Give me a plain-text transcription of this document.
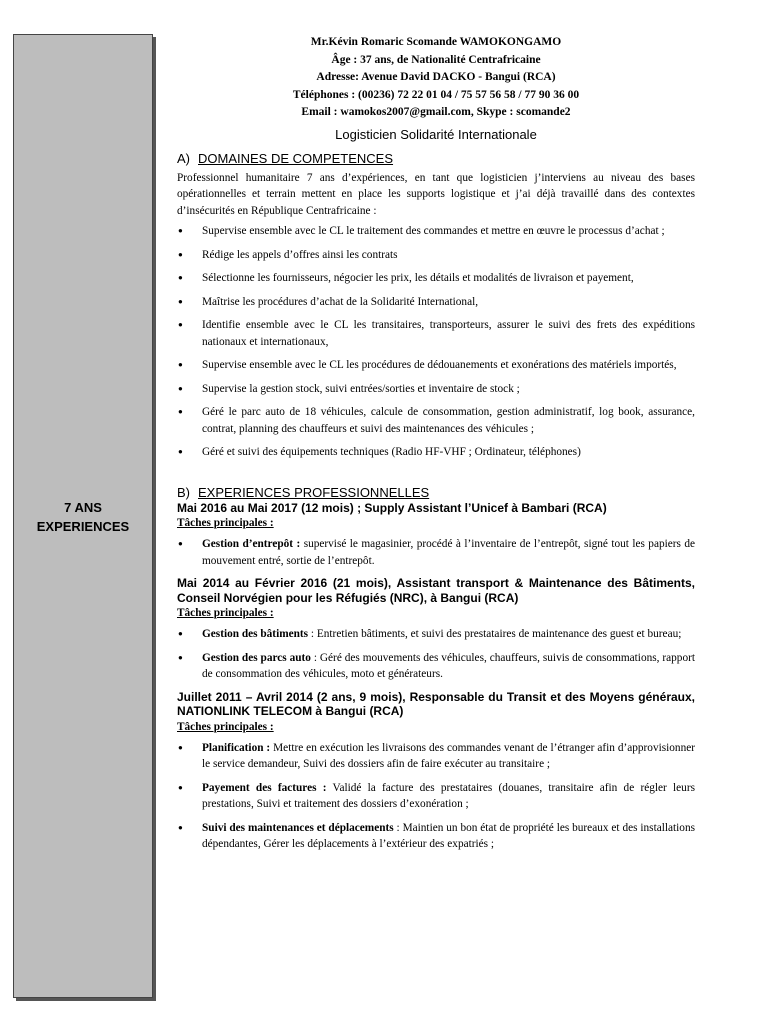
7 ANS
EXPERIENCES
Mr.Kévin Romaric Scomande WAMOKONGAMO
Âge : 37 ans, de Nationalité Centrafricaine
Adresse: Avenue David DACKO - Bangui (RCA)
Téléphones : (00236) 72 22 01 04 / 75 57 56 58 / 77 90 36 00
Email : wamokos2007@gmail.com, Skype : scomande2
Logisticien Solidarité Internationale
A) DOMAINES DE COMPETENCES

Professionnel humanitaire 7 ans d’expériences, en tant que logisticien j’interviens au niveau des bases opérationnelles et terrain mettent en place les supports logistique et j’ai déjà travaillé dans des contextes d’insécurités en République Centrafricaine :

● Supervise ensemble avec le CL le traitement des commandes et mettre en œuvre le processus d’achat ;
● Rédige les appels d’offres ainsi les contrats
● Sélectionne les fournisseurs, négocier les prix, les détails et modalités de livraison et payement,
● Maîtrise les procédures d’achat de la Solidarité International,
● Identifie ensemble avec le CL les transitaires, transporteurs, assurer le suivi des frets des expéditions nationaux et internationaux,
● Supervise ensemble avec le CL les procédures de dédouanements et exonérations des matériels importés,
● Supervise la gestion stock, suivi entrées/sorties et inventaire de stock ;
● Géré le parc auto de 18 véhicules, calcule de consommation, gestion administratif, log book, assurance, contrat, planning des chauffeurs et suivi des maintenances des véhicules ;
● Géré et suivi des équipements techniques (Radio HF-VHF ; Ordinateur, téléphones)
B) EXPERIENCES PROFESSIONNELLES
Mai 2016 au Mai 2017 (12 mois) ; Supply Assistant l’Unicef à Bambari (RCA)
Tâches principales :
● Gestion d’entrepôt : supervisé le magasinier, procédé à l’inventaire de l’entrepôt, signé tout les papiers de mouvement entré, sortie de l’entrepôt.
Mai 2014 au Février 2016 (21 mois), Assistant transport & Maintenance des Bâtiments, Conseil Norvégien pour les Réfugiés (NRC), à Bangui (RCA)
Tâches principales :
● Gestion des bâtiments : Entretien bâtiments, et suivi des prestataires de maintenance des guest et bureau;
● Gestion des parcs auto : Géré des mouvements des véhicules, chauffeurs, suivis de consommations, rapport de consommation des véhicules, moto et générateurs.
Juillet 2011 – Avril 2014 (2 ans, 9 mois), Responsable du Transit et des Moyens généraux, NATIONLINK TELECOM à Bangui (RCA)
Tâches principales :
● Planification : Mettre en exécution les livraisons des commandes venant de l’étranger afin d’approvisionner le service demandeur, Suivi des dossiers afin de faire exécuter au transitaire ;
● Payement des factures : Validé la facture des prestataires (douanes, transitaire afin de régler leurs prestations, Suivi et traitement des dossiers d’exonération ;
● Suivi des maintenances et déplacements : Maintien un bon état de propriété les bureaux et des installations dépendantes, Gérer les déplacements à l’extérieur des expatriés ;
